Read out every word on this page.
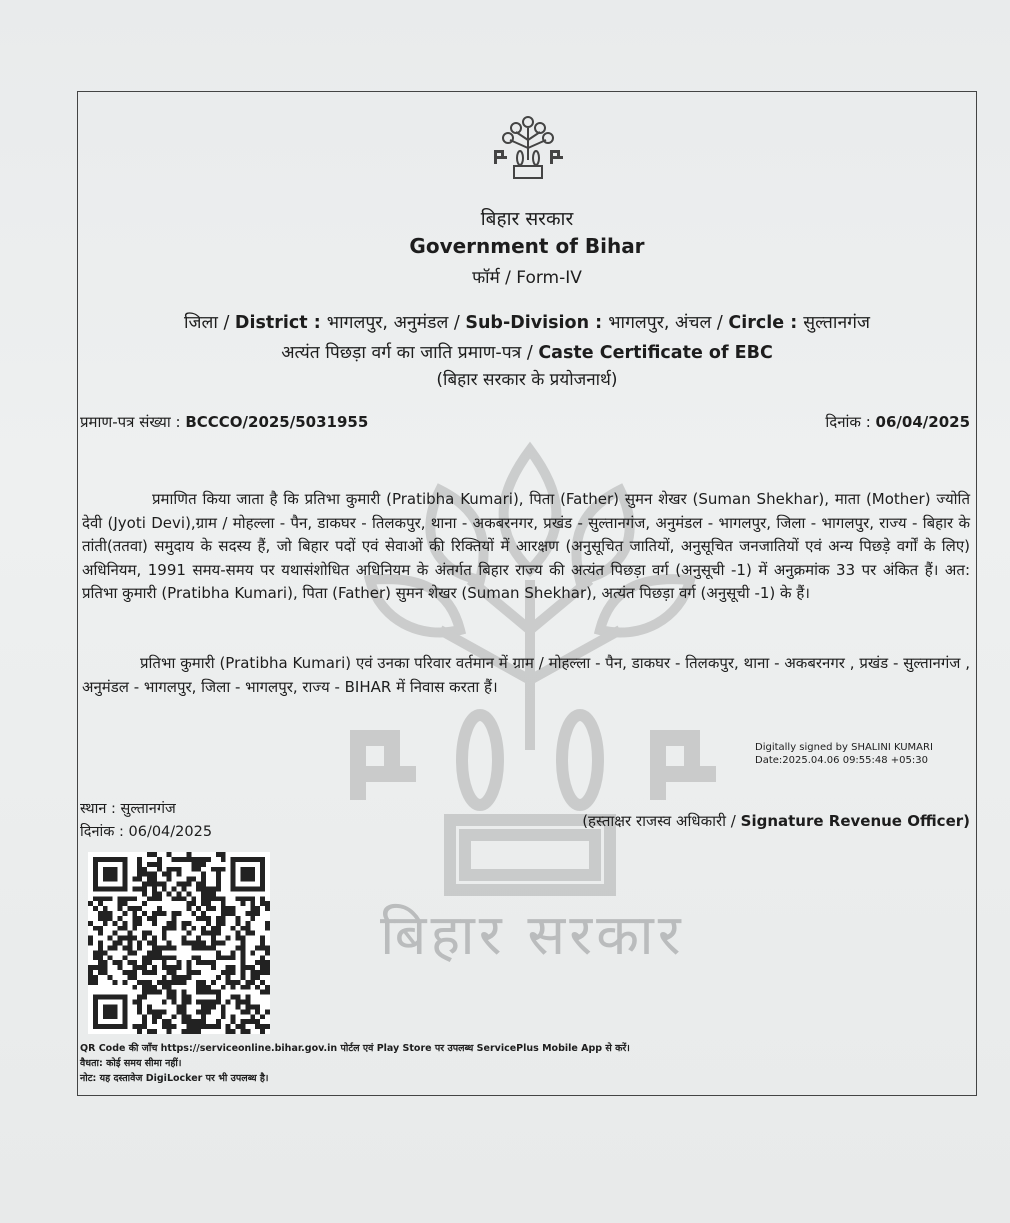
बिहार सरकार
बिहार सरकार
Government of Bihar
फॉर्म / Form-IV
जिला / District : भागलपुर, अनुमंडल / Sub-Division : भागलपुर, अंचल / Circle : सुल्तानगंज
अत्यंत पिछड़ा वर्ग का जाति प्रमाण-पत्र / Caste Certificate of EBC
(बिहार सरकार के प्रयोजनार्थ)
प्रमाण-पत्र संख्या : BCCCO/2025/5031955	दिनांक : 06/04/2025
प्रमाणित किया जाता है कि प्रतिभा कुमारी (Pratibha Kumari), पिता (Father) सुमन शेखर (Suman Shekhar), माता (Mother) ज्योति देवी (Jyoti Devi),ग्राम / मोहल्ला - पैन, डाकघर - तिलकपुर, थाना - अकबरनगर, प्रखंड - सुल्तानगंज, अनुमंडल - भागलपुर, जिला - भागलपुर, राज्य - बिहार के तांती(ततवा) समुदाय के सदस्य हैं, जो बिहार पदों एवं सेवाओं की रिक्तियों में आरक्षण (अनुसूचित जातियों, अनुसूचित जनजातियों एवं अन्य पिछड़े वर्गों के लिए) अधिनियम, 1991 समय-समय पर यथासंशोधित अधिनियम के अंतर्गत बिहार राज्य की अत्यंत पिछड़ा वर्ग (अनुसूची -1) में अनुक्रमांक 33 पर अंकित हैं। अत: प्रतिभा कुमारी (Pratibha Kumari), पिता (Father) सुमन शेखर (Suman Shekhar), अत्यंत पिछड़ा वर्ग (अनुसूची -1) के हैं।
प्रतिभा कुमारी (Pratibha Kumari) एवं उनका परिवार वर्तमान में ग्राम / मोहल्ला - पैन, डाकघर - तिलकपुर, थाना - अकबरनगर , प्रखंड - सुल्तानगंज , अनुमंडल - भागलपुर, जिला - भागलपुर, राज्य - BIHAR में निवास करता हैं।
Digitally signed by SHALINI KUMARI
Date:2025.04.06 09:55:48 +05:30
स्थान : सुल्तानगंज
दिनांक : 06/04/2025
(हस्ताक्षर राजस्व अधिकारी / Signature Revenue Officer)
QR Code की जाँच https://serviceonline.bihar.gov.in पोर्टल एवं Play Store पर उपलब्ध ServicePlus Mobile App से करें।
वैधता: कोई समय सीमा नहीं।
नोट: यह दस्तावेज DigiLocker पर भी उपलब्ध है।
